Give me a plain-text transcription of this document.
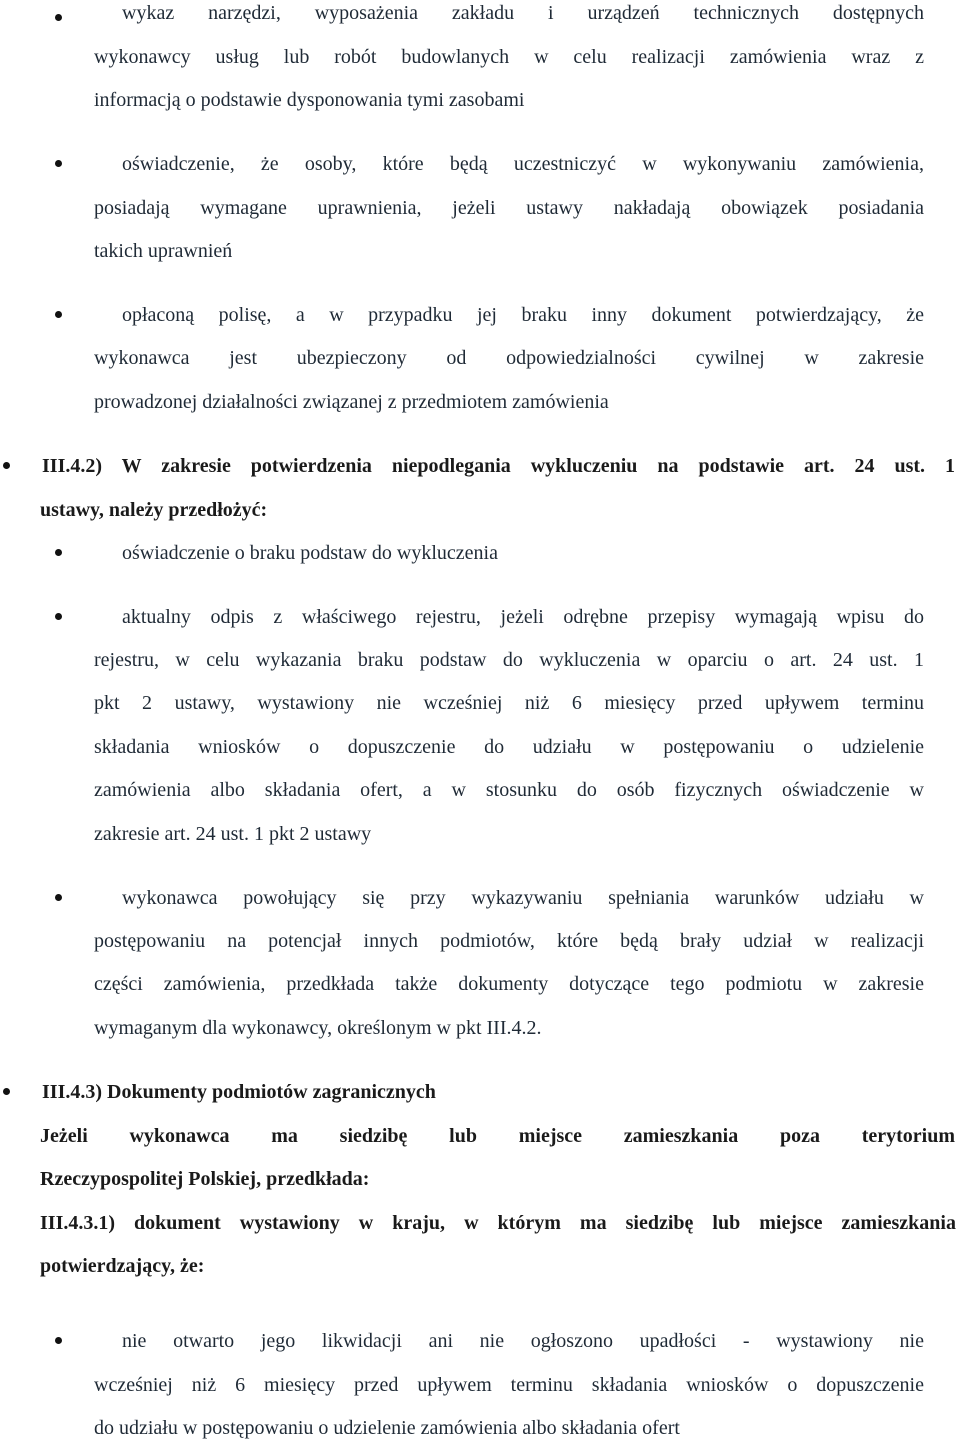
wykaz narzędzi, wyposażenia zakładu i urządzeń technicznych dostępnych
wykonawcy usług lub robót budowlanych w celu realizacji zamówienia wraz z
informacją o podstawie dysponowania tymi zasobami
oświadczenie, że osoby, które będą uczestniczyć w wykonywaniu zamówienia,
posiadają wymagane uprawnienia, jeżeli ustawy nakładają obowiązek posiadania
takich uprawnień
opłaconą polisę, a w przypadku jej braku inny dokument potwierdzający, że
wykonawca jest ubezpieczony od odpowiedzialności cywilnej w zakresie
prowadzonej działalności związanej z przedmiotem zamówienia
III.4.2) W zakresie potwierdzenia niepodlegania wykluczeniu na podstawie art. 24 ust. 1
ustawy, należy przedłożyć:
oświadczenie o braku podstaw do wykluczenia
aktualny odpis z właściwego rejestru, jeżeli odrębne przepisy wymagają wpisu do
rejestru, w celu wykazania braku podstaw do wykluczenia w oparciu o art. 24 ust. 1
pkt 2 ustawy, wystawiony nie wcześniej niż 6 miesięcy przed upływem terminu
składania wniosków o dopuszczenie do udziału w postępowaniu o udzielenie
zamówienia albo składania ofert, a w stosunku do osób fizycznych oświadczenie w
zakresie art. 24 ust. 1 pkt 2 ustawy
wykonawca powołujący się przy wykazywaniu spełniania warunków udziału w
postępowaniu na potencjał innych podmiotów, które będą brały udział w realizacji
części zamówienia, przedkłada także dokumenty dotyczące tego podmiotu w zakresie
wymaganym dla wykonawcy, określonym w pkt III.4.2.
III.4.3) Dokumenty podmiotów zagranicznych
Jeżeli wykonawca ma siedzibę lub miejsce zamieszkania poza terytorium
Rzeczypospolitej Polskiej, przedkłada:
III.4.3.1) dokument wystawiony w kraju, w którym ma siedzibę lub miejsce zamieszkania
potwierdzający, że:
nie otwarto jego likwidacji ani nie ogłoszono upadłości - wystawiony nie
wcześniej niż 6 miesięcy przed upływem terminu składania wniosków o dopuszczenie
do udziału w postępowaniu o udzielenie zamówienia albo składania ofert
